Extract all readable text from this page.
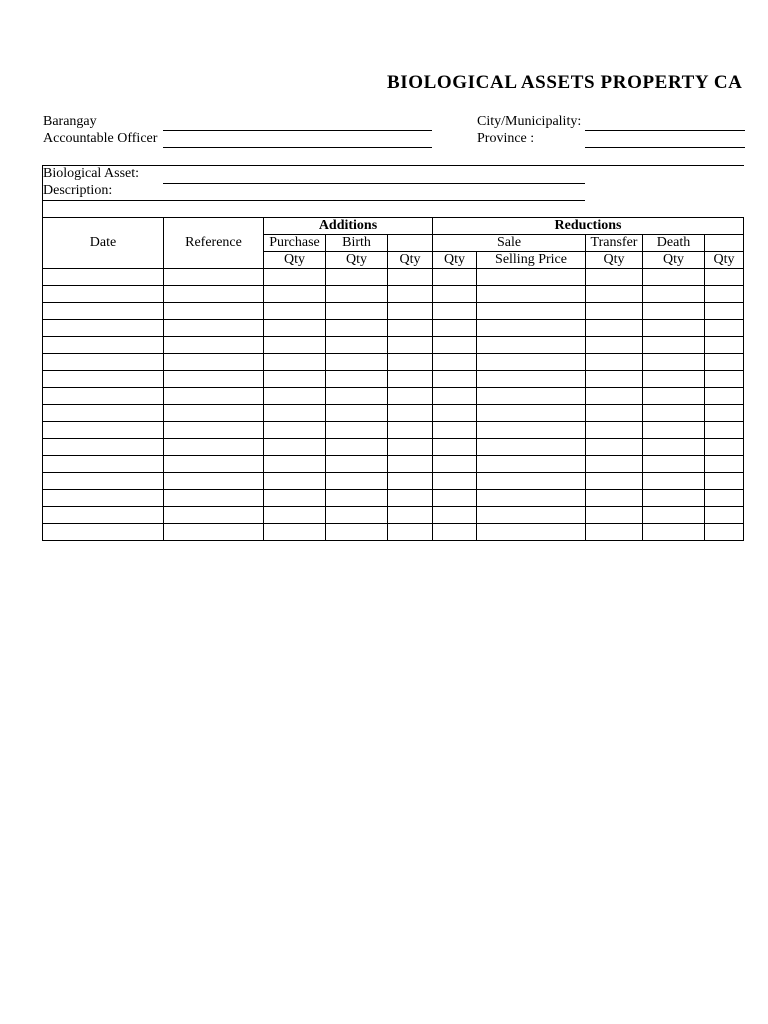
BIOLOGICAL ASSETS PROPERTY CA
Barangay
Accountable Officer
City/Municipality:
Province :
Biological Asset:
Description:
Date	Reference	Additions			Reductions				
		Purchase	Birth		Sale		Transfer	Death	
		Qty	Qty	Qty	Qty	Selling Price	Qty	Qty	Qty
